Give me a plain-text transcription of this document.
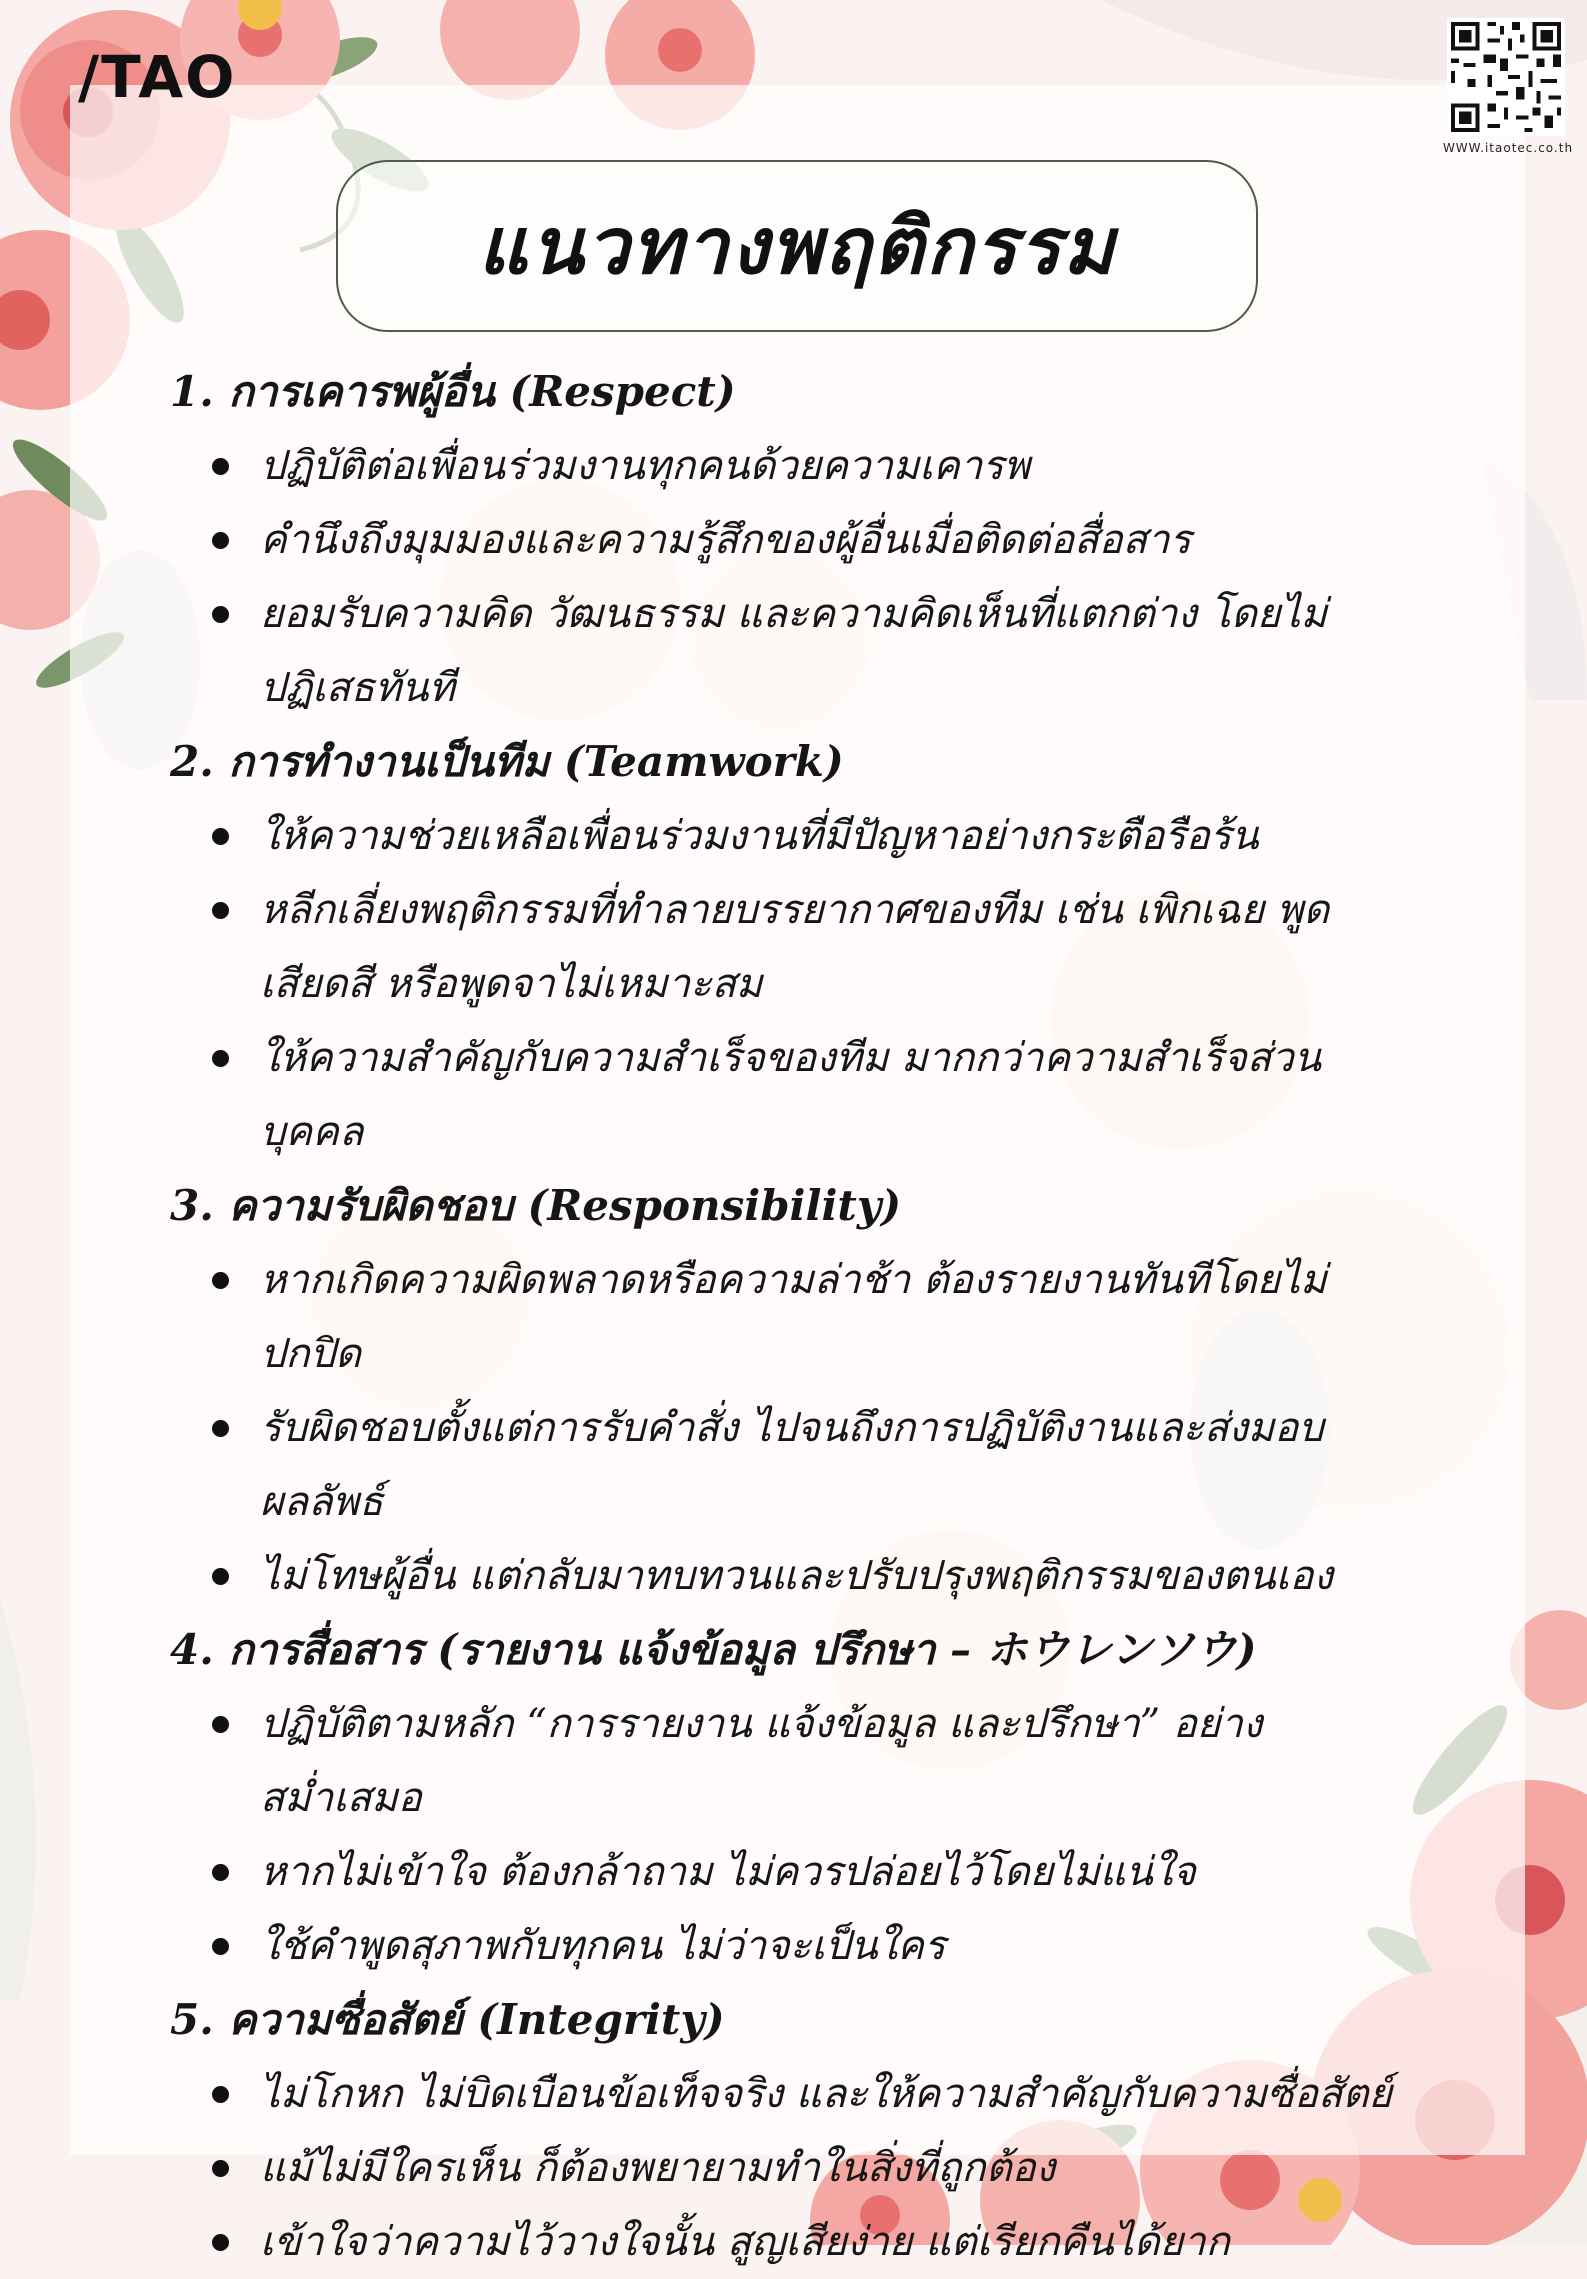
/TAO
WWW.itaotec.co.th
แนวทางพฤติกรรม
1. การเคารพผู้อื่น (Respect)
ปฏิบัติต่อเพื่อนร่วมงานทุกคนด้วยความเคารพ
คำนึงถึงมุมมองและความรู้สึกของผู้อื่นเมื่อติดต่อสื่อสาร
ยอมรับความคิด วัฒนธรรม และความคิดเห็นที่แตกต่าง โดยไม่ปฏิเสธทันที
2. การทำงานเป็นทีม (Teamwork)
ให้ความช่วยเหลือเพื่อนร่วมงานที่มีปัญหาอย่างกระตือรือร้น
หลีกเลี่ยงพฤติกรรมที่ทำลายบรรยากาศของทีม เช่น เพิกเฉย พูดเสียดสี หรือพูดจาไม่เหมาะสม
ให้ความสำคัญกับความสำเร็จของทีม มากกว่าความสำเร็จส่วนบุคคล
3. ความรับผิดชอบ (Responsibility)
หากเกิดความผิดพลาดหรือความล่าช้า ต้องรายงานทันทีโดยไม่ปกปิด
รับผิดชอบตั้งแต่การรับคำสั่ง ไปจนถึงการปฏิบัติงานและส่งมอบผลลัพธ์
ไม่โทษผู้อื่น แต่กลับมาทบทวนและปรับปรุงพฤติกรรมของตนเอง
4. การสื่อสาร (รายงาน แจ้งข้อมูล ปรึกษา – ホウレンソウ)
ปฏิบัติตามหลัก “การรายงาน แจ้งข้อมูล และปรึกษา” อย่างสม่ำเสมอ
หากไม่เข้าใจ ต้องกล้าถาม ไม่ควรปล่อยไว้โดยไม่แน่ใจ
ใช้คำพูดสุภาพกับทุกคน ไม่ว่าจะเป็นใคร
5. ความซื่อสัตย์ (Integrity)
ไม่โกหก ไม่บิดเบือนข้อเท็จจริง และให้ความสำคัญกับความซื่อสัตย์
แม้ไม่มีใครเห็น ก็ต้องพยายามทำในสิ่งที่ถูกต้อง
เข้าใจว่าความไว้วางใจนั้น สูญเสียง่าย แต่เรียกคืนได้ยาก
